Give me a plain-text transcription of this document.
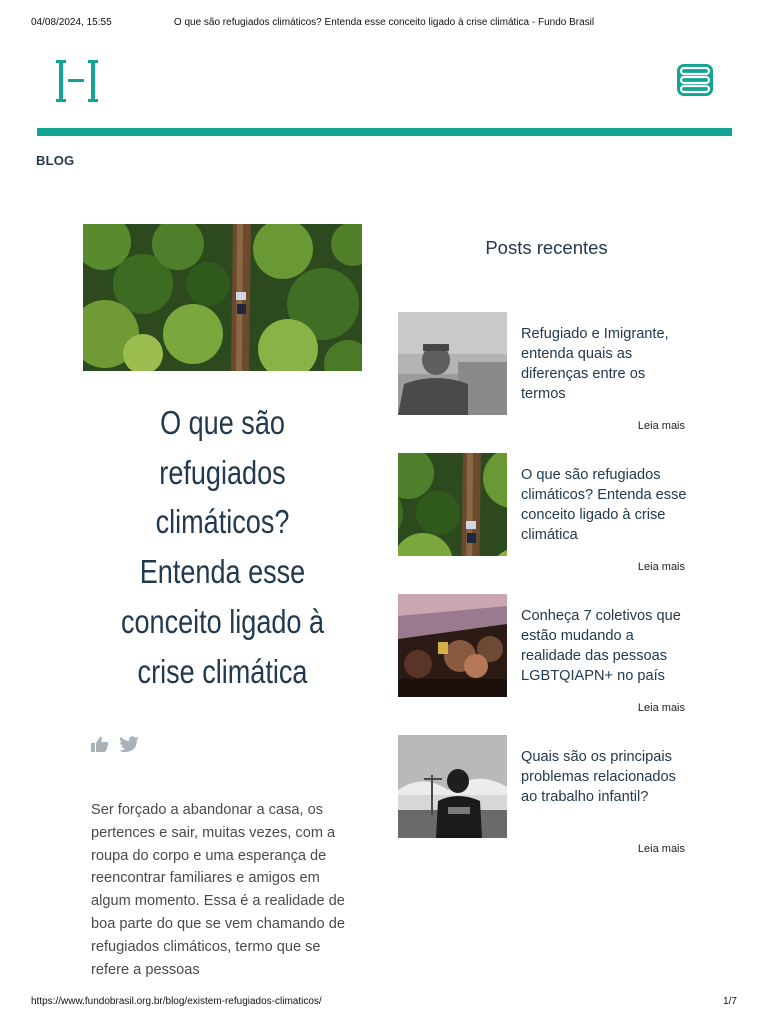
04/08/2024, 15:55	O que são refugiados climáticos? Entenda esse conceito ligado à crise climática - Fundo Brasil
BLOG
O que são refugiados climáticos? Entenda esse conceito ligado à crise climática

Ser forçado a abandonar a casa, os pertences e sair, muitas vezes, com a roupa do corpo e uma esperança de reencontrar familiares e amigos em algum momento. Essa é a realidade de boa parte do que se vem chamando de refugiados climáticos, termo que se refere a pessoas

Posts recentes
Refugiado e Imigrante, entenda quais as diferenças entre os termos
Leia mais
O que são refugiados climáticos? Entenda esse conceito ligado à crise climática
Leia mais
Conheça 7 coletivos que estão mudando a realidade das pessoas LGBTQIAPN+ no país
Leia mais
Quais são os principais problemas relacionados ao trabalho infantil?
Leia mais
https://www.fundobrasil.org.br/blog/existem-refugiados-climaticos/	1/7
